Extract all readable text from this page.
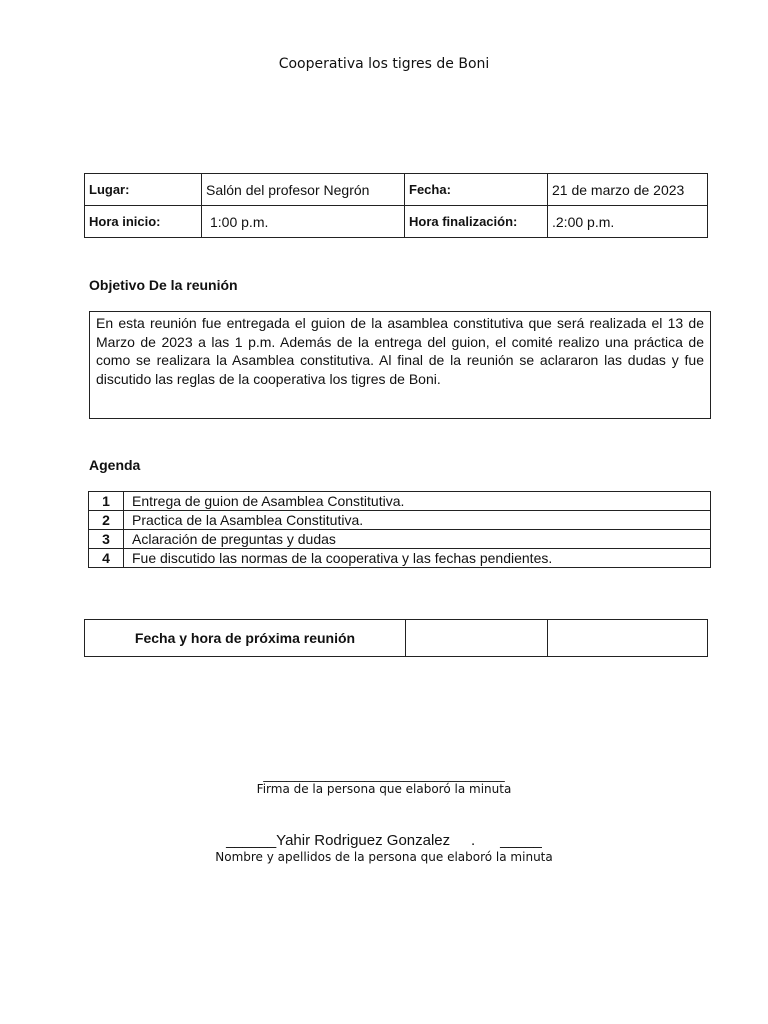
Cooperativa los tigres de Boni
Lugar:	Salón del profesor Negrón	Fecha:	21 de marzo de 2023
Hora inicio:	1:00 p.m.	Hora finalización:	.2:00 p.m.
Objetivo De la reunión
En esta reunión fue entregada el guion de la asamblea constitutiva que será realizada el 13 de Marzo de 2023 a las 1 p.m. Además de la entrega del guion, el comité realizo una práctica de como se realizara la Asamblea constitutiva. Al final de la reunión se aclararon las dudas y fue discutido las reglas de la cooperativa los tigres de Boni.
Agenda
1	Entrega de guion de Asamblea Constitutiva.
2	Practica de la Asamblea Constitutiva.
3	Aclaración de preguntas y dudas
4	Fue discutido las normas de la cooperativa y las fechas pendientes.
Fecha y hora de próxima reunión		
_______________________________
Firma de la persona que elaboró la minuta
______Yahir Rodriguez Gonzalez     .      _____
Nombre y apellidos de la persona que elaboró la minuta
